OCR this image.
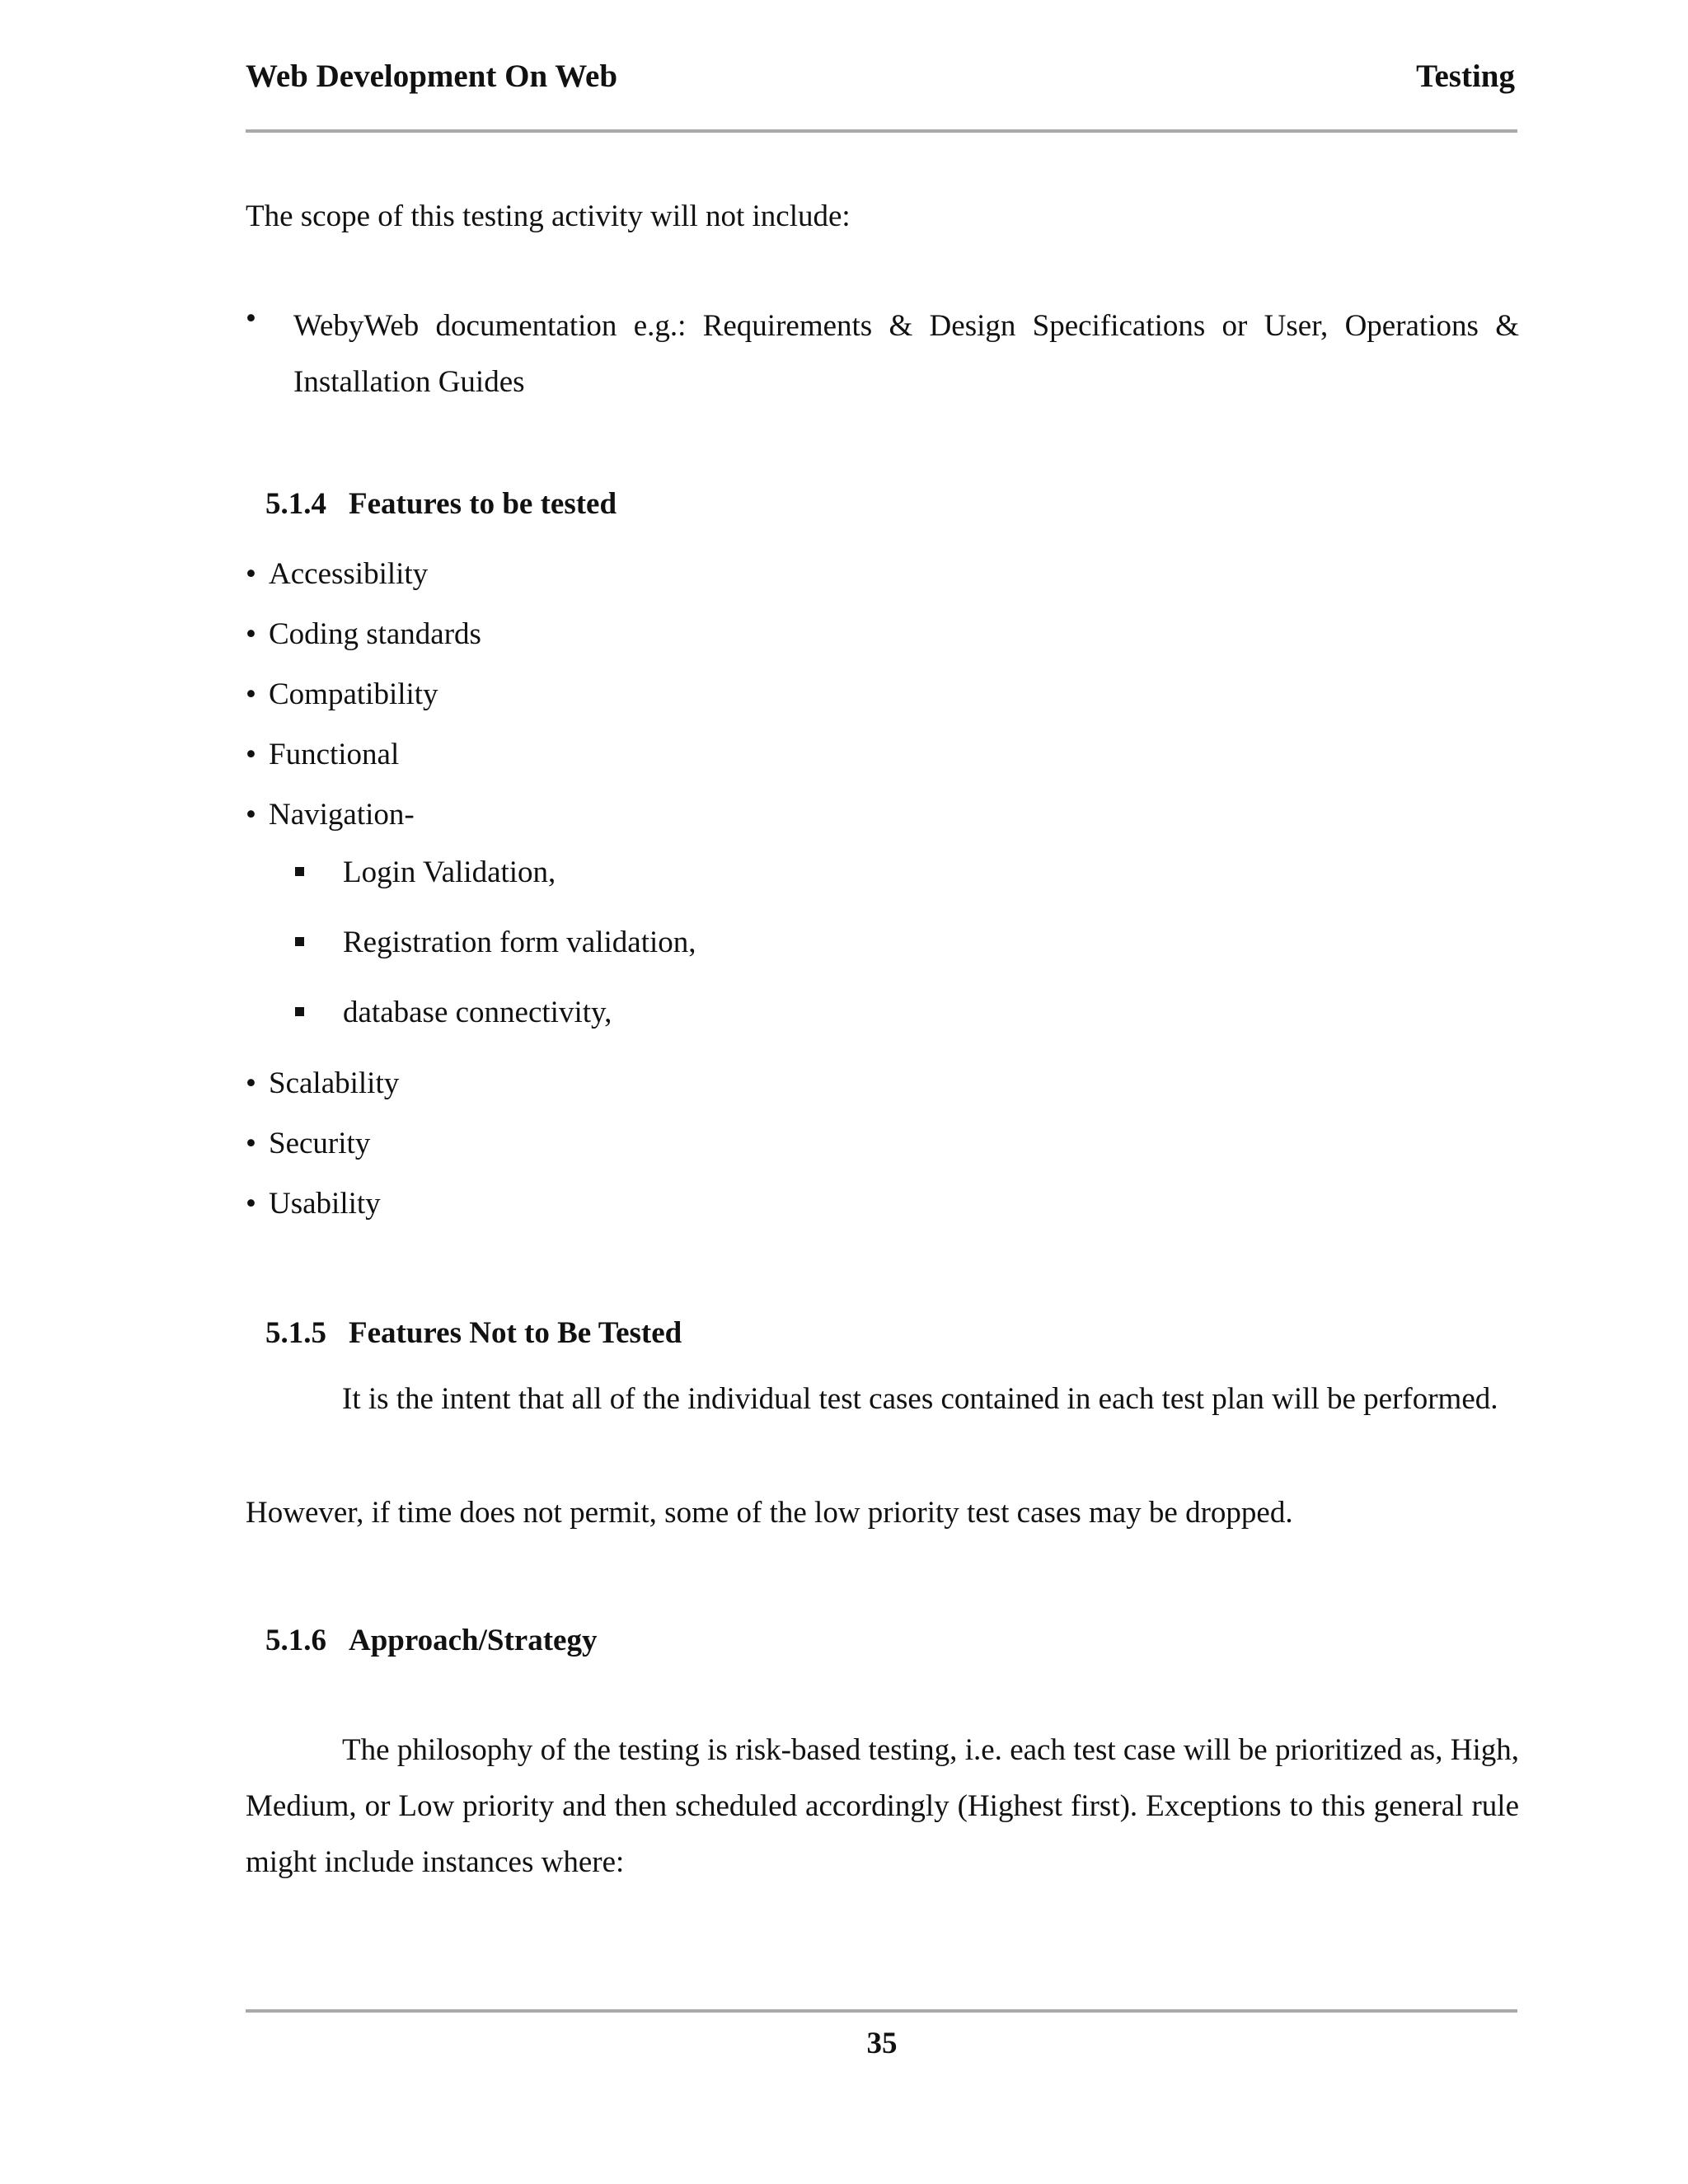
Web Development On Web	Testing
The scope of this testing activity will not include:
• WebyWeb documentation e.g.: Requirements & Design Specifications or User, Operations & Installation Guides
5.1.4 Features to be tested
• Accessibility
• Coding standards
• Compatibility
• Functional
• Navigation-
Login Validation,
Registration form validation,
database connectivity,
• Scalability
• Security
• Usability
5.1.5 Features Not to Be Tested
It is the intent that all of the individual test cases contained in each test plan will be performed.
However, if time does not permit, some of the low priority test cases may be dropped.
5.1.6 Approach/Strategy
The philosophy of the testing is risk-based testing, i.e. each test case will be prioritized as, High, Medium, or Low priority and then scheduled accordingly (Highest first). Exceptions to this general rule might include instances where:
35
